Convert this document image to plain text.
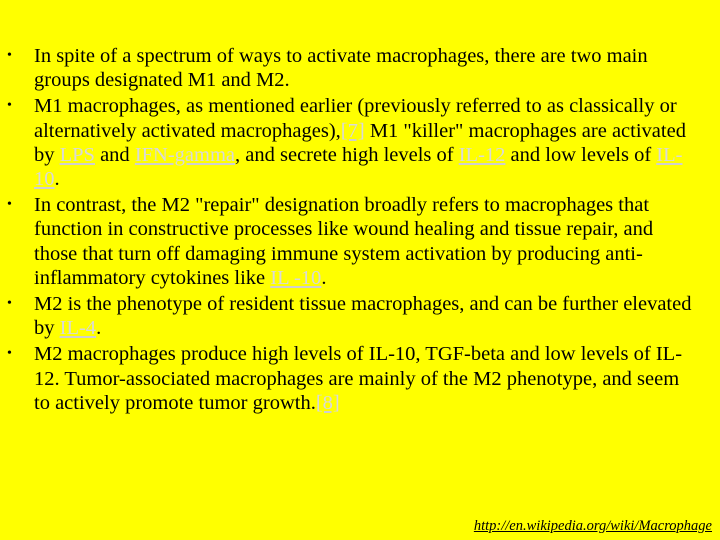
•	In spite of a spectrum of ways to activate macrophages, there are two main groups designated M1 and M2.
•	M1 macrophages, as mentioned earlier (previously referred to as classically or alternatively activated macrophages),[7] M1 "killer" macrophages are activated by LPS and IFN-gamma, and secrete high levels of IL-12 and low levels of IL-10.
•	In contrast, the M2 "repair" designation broadly refers to macrophages that function in constructive processes like wound healing and tissue repair, and those that turn off damaging immune system activation by producing anti-inflammatory cytokines like IL -10.
•	M2 is the phenotype of resident tissue macrophages, and can be further elevated by IL-4.
•	M2 macrophages produce high levels of IL-10, TGF-beta and low levels of IL-12. Tumor-associated macrophages are mainly of the M2 phenotype, and seem to actively promote tumor growth.[8]
http://en.wikipedia.org/wiki/Macrophage
